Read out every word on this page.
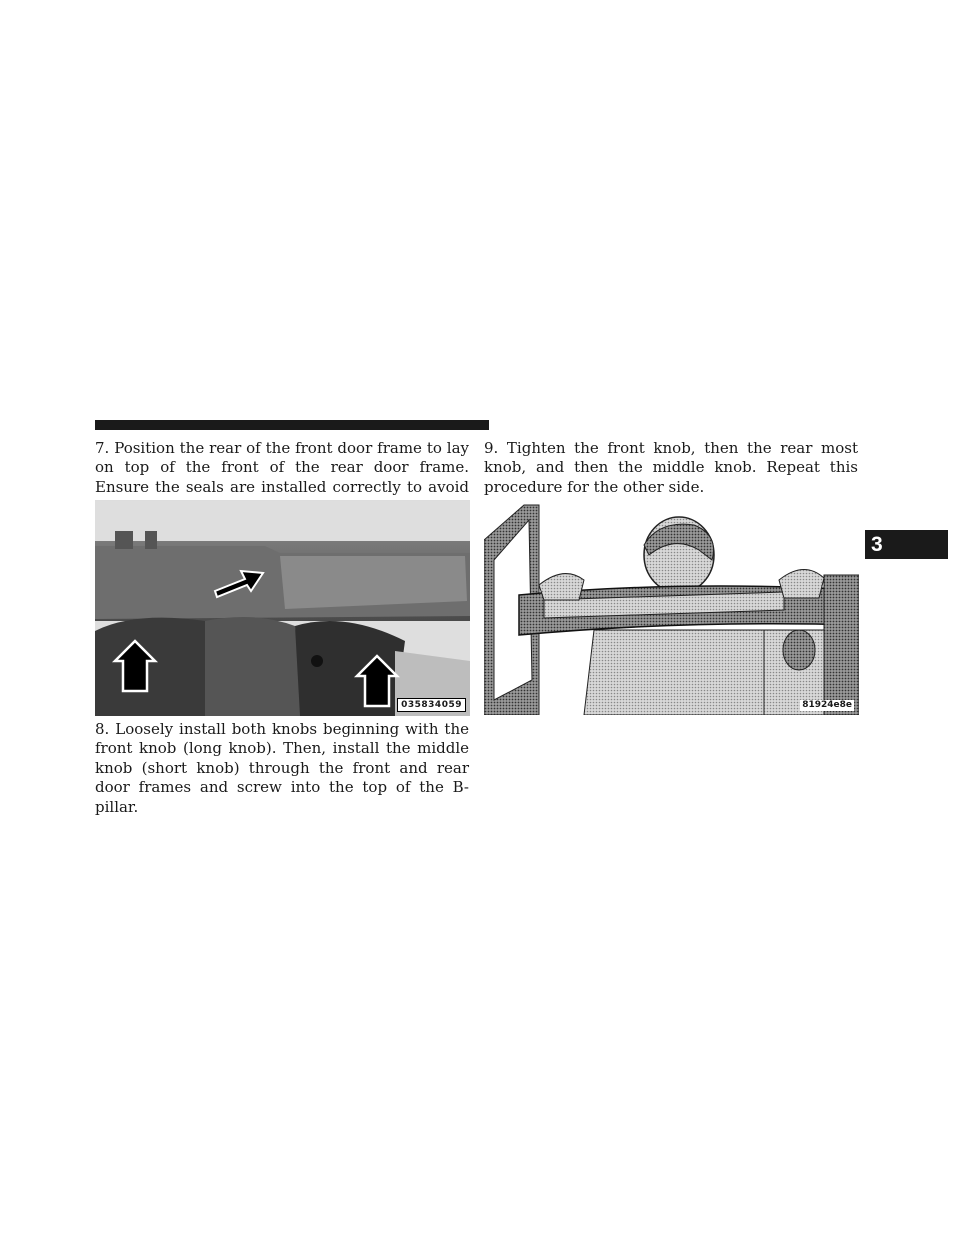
7. Position the rear of the front door frame to lay on top of the front of the rear door frame. Ensure the seals are installed correctly to avoid

035834059

8. Loosely install both knobs beginning with the front knob (long knob). Then, install the middle knob (short knob) through the front and rear door frames and screw into the top of the B-pillar.

9. Tighten the front knob, then the rear most knob, and then the middle knob. Repeat this procedure for the other side.

81924e8e
3
